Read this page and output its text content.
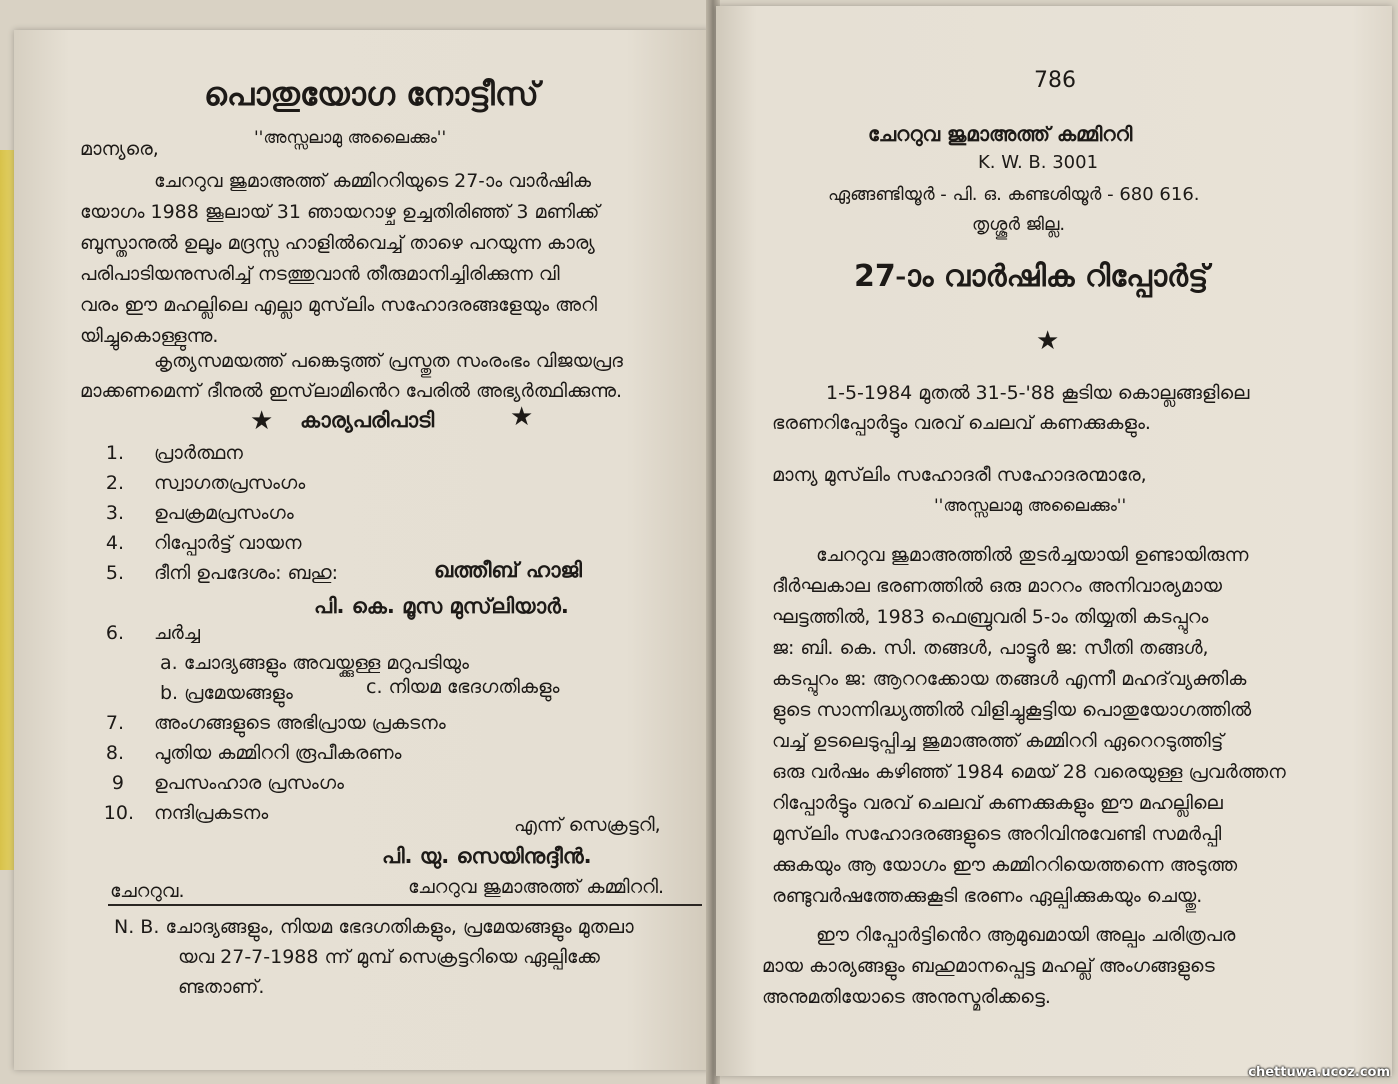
പൊതുയോഗ നോട്ടീസ്
മാന്യരെ,	''അസ്സലാമു അലൈക്കും''
ചേററുവ ജുമാഅത്ത് കമ്മിററിയുടെ 27-ാം വാർഷിക
യോഗം 1988 ജൂലായ് 31 ഞായറാഴ്ച ഉച്ചതിരിഞ്ഞ് 3 മണിക്ക്
ബുസ്താനുൽ ഉലൂം മദ്രസ്സ ഹാളിൽവെച്ച് താഴെ പറയുന്ന കാര്യ
പരിപാടിയനുസരിച്ച് നടത്തുവാൻ തീരുമാനിച്ചിരിക്കുന്ന വി
വരം ഈ മഹല്ലിലെ എല്ലാ മുസ്‌ലിം സഹോദരങ്ങളേയും അറി
യിച്ചുകൊള്ളുന്നു.
കൃത്യസമയത്ത് പങ്കെടുത്ത് പ്രസ്തുത സംരംഭം വിജയപ്രദ
മാക്കണമെന്ന് ദീനുൽ ഇസ്‌ലാമിൻെറ പേരിൽ അഭ്യർത്ഥിക്കുന്നു.
★ കാര്യപരിപാടി	★
1. പ്രാർത്ഥന
2. സ്വാഗതപ്രസംഗം
3. ഉപക്രമപ്രസംഗം
4. റിപ്പോർട്ട് വായന
5. ദീനി ഉപദേശം: ബഹു:	ഖത്തീബ് ഹാജി
പി. കെ. മൂസ മുസ്‌ലിയാർ.
6. ചർച്ച
a. ചോദ്യങ്ങളും അവയ്ക്കുള്ള മറുപടിയും
b. പ്രമേയങ്ങളും	c. നിയമ ഭേദഗതികളും
7. അംഗങ്ങളുടെ അഭിപ്രായ പ്രകടനം
8. പുതിയ കമ്മിററി രൂപീകരണം
9 ഉപസംഹാര പ്രസംഗം
10. നന്ദിപ്രകടനം
എന്ന് സെക്രട്ടറി,
പി. യു. സെയിനുദ്ദീൻ.
ചേററുവ ജുമാഅത്ത് കമ്മിററി.
ചേററുവ.
N. B. ചോദ്യങ്ങളും, നിയമ ഭേദഗതികളും, പ്രമേയങ്ങളും മുതലാ
യവ 27-7-1988 ന്ന് മുമ്പ് സെക്രട്ടറിയെ ഏല്പിക്കേ
ണ്ടതാണ്.
786
ചേററുവ ജുമാഅത്ത് കമ്മിററി
K. W. B. 3001
ഏങ്ങണ്ടിയൂർ - പി. ഒ. കണ്ടശിയൂർ - 680 616.
തൃശ്ശൂർ ജില്ല.
27-ാം വാർഷിക റിപ്പോർട്ട്
★
1-5-1984 മുതൽ 31-5-'88 കൂടിയ കൊല്ലങ്ങളിലെ
ഭരണറിപ്പോർട്ടും വരവ് ചെലവ് കണക്കുകളും.
മാന്യ മുസ്‌ലിം സഹോദരീ സഹോദരന്മാരേ,
''അസ്സലാമു അലൈക്കും''
ചേററുവ ജുമാഅത്തിൽ തുടർച്ചയായി ഉണ്ടായിരുന്ന
ദീർഘകാല ഭരണത്തിൽ ഒരു മാററം അനിവാര്യമായ
ഘട്ടത്തിൽ, 1983 ഫെബ്രുവരി 5-ാം തിയ്യതി കടപ്പുറം
ജ: ബി. കെ. സി. തങ്ങൾ, പാട്ടൂർ ജ: സീതി തങ്ങൾ,
കടപ്പുറം ജ: ആററക്കോയ തങ്ങൾ എന്നീ മഹദ്‌വ്യക്തിക
ളുടെ സാന്നിദ്ധ്യത്തിൽ വിളിച്ചുകൂട്ടിയ പൊതുയോഗത്തിൽ
വച്ച് ഉടലെടുപ്പിച്ച ജുമാഅത്ത് കമ്മിററി ഏറെറടുത്തിട്ട്
ഒരു വർഷം കഴിഞ്ഞ് 1984 മെയ് 28 വരെയുള്ള പ്രവർത്തന
റിപ്പോർട്ടും വരവ് ചെലവ് കണക്കുകളും ഈ മഹല്ലിലെ
മുസ്‌ലിം സഹോദരങ്ങളുടെ അറിവിനുവേണ്ടി സമർപ്പി
ക്കുകയും ആ യോഗം ഈ കമ്മിററിയെത്തന്നെ അടുത്ത
രണ്ടുവർഷത്തേക്കുകൂടി ഭരണം ഏല്പിക്കുകയും ചെയ്തു.
ഈ റിപ്പോർട്ടിൻെറ ആമുഖമായി അല്പം ചരിത്രപര
മായ കാര്യങ്ങളും ബഹുമാനപ്പെട്ട മഹല്ല് അംഗങ്ങളുടെ
അനുമതിയോടെ അനുസ്മരിക്കട്ടെ.
chettuwa.ucoz.com
